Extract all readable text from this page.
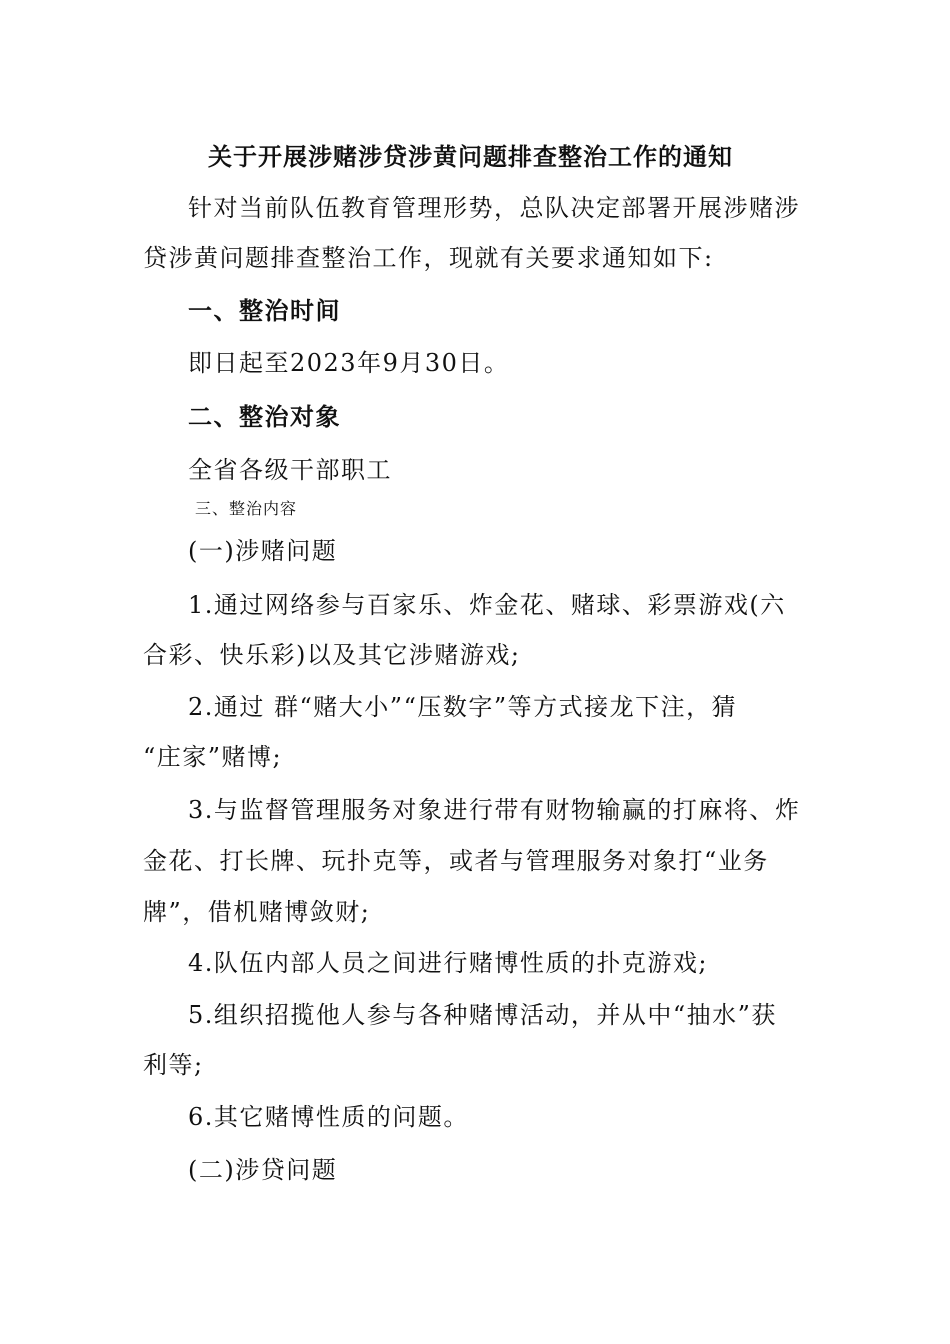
关于开展涉赌涉贷涉黄问题排查整治工作的通知
针对当前队伍教育管理形势，总队决定部署开展涉赌涉
贷涉黄问题排查整治工作，现就有关要求通知如下:
一、整治时间
即日起至2023年9月30日。
二、整治对象
全省各级干部职工
三、整治内容
(一)涉赌问题
1.通过网络参与百家乐、炸金花、赌球、彩票游戏(六
合彩、快乐彩)以及其它涉赌游戏;
2.通过 群“赌大小”“压数字”等方式接龙下注，猜
“庄家”赌博;
3.与监督管理服务对象进行带有财物输赢的打麻将、炸
金花、打长牌、玩扑克等，或者与管理服务对象打“业务
牌”，借机赌博敛财;
4.队伍内部人员之间进行赌博性质的扑克游戏;
5.组织招揽他人参与各种赌博活动，并从中“抽水”获
利等;
6.其它赌博性质的问题。
(二)涉贷问题
